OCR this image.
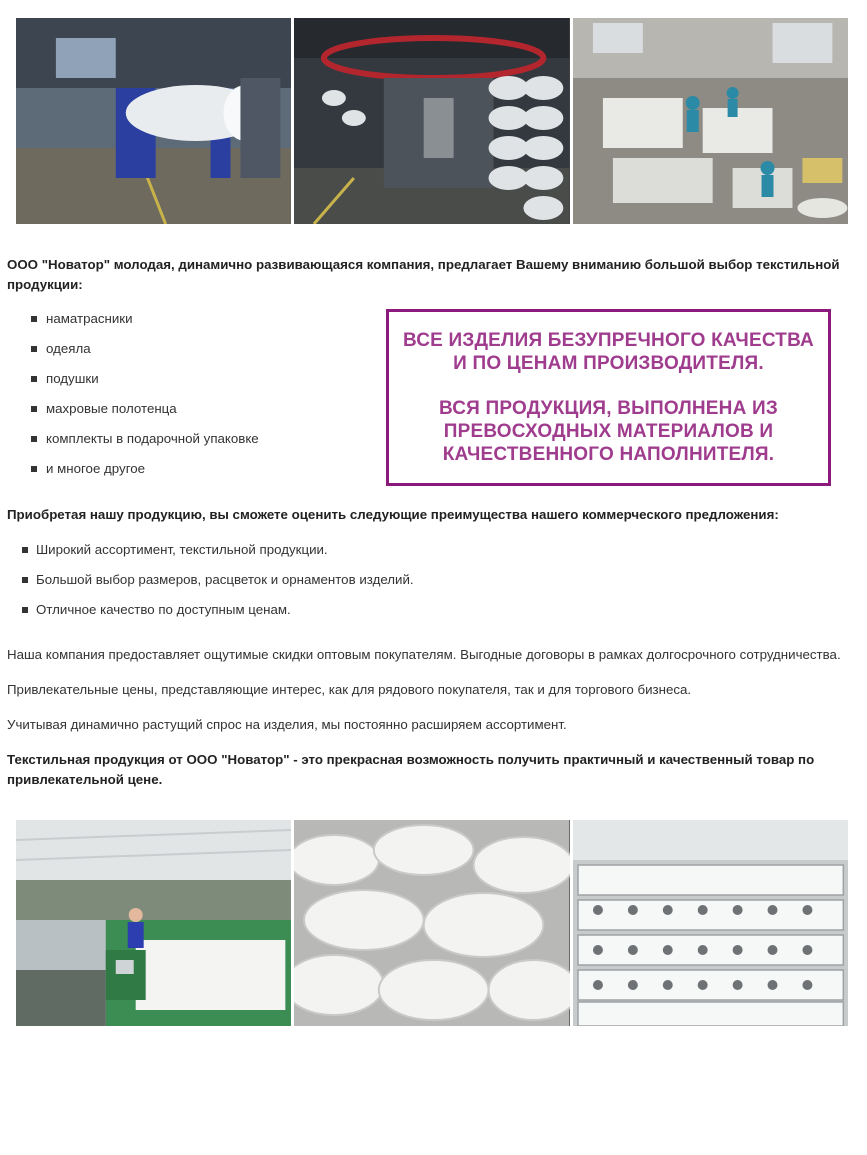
ООО "Новатор" молодая, динамично развивающаяся компания, предлагает Вашему вниманию большой выбор текстильной продукции:

наматрасники
одеяла
подушки
махровые полотенца
комплекты в подарочной упаковке
и многое другое
ВСЕ ИЗДЕЛИЯ БЕЗУПРЕЧНОГО КАЧЕСТВА
И ПО ЦЕНАМ ПРОИЗВОДИТЕЛЯ.
ВСЯ ПРОДУКЦИЯ, ВЫПОЛНЕНА ИЗ
ПРЕВОСХОДНЫХ МАТЕРИАЛОВ И
КАЧЕСТВЕННОГО НАПОЛНИТЕЛЯ.

Приобретая нашу продукцию, вы сможете оценить следующие преимущества нашего коммерческого предложения:

Широкий ассортимент, текстильной продукции.
Большой выбор размеров, расцветок и орнаментов изделий.
Отличное качество по доступным ценам.

Наша компания предоставляет ощутимые скидки оптовым покупателям. Выгодные договоры в рамках долгосрочного сотрудничества.

Привлекательные цены, представляющие интерес, как для рядового покупателя, так и для торгового бизнеса.

Учитывая динамично растущий спрос на изделия, мы постоянно расширяем ассортимент.

Текстильная продукция от ООО "Новатор" - это прекрасная возможность получить практичный и качественный товар по привлекательной цене.
